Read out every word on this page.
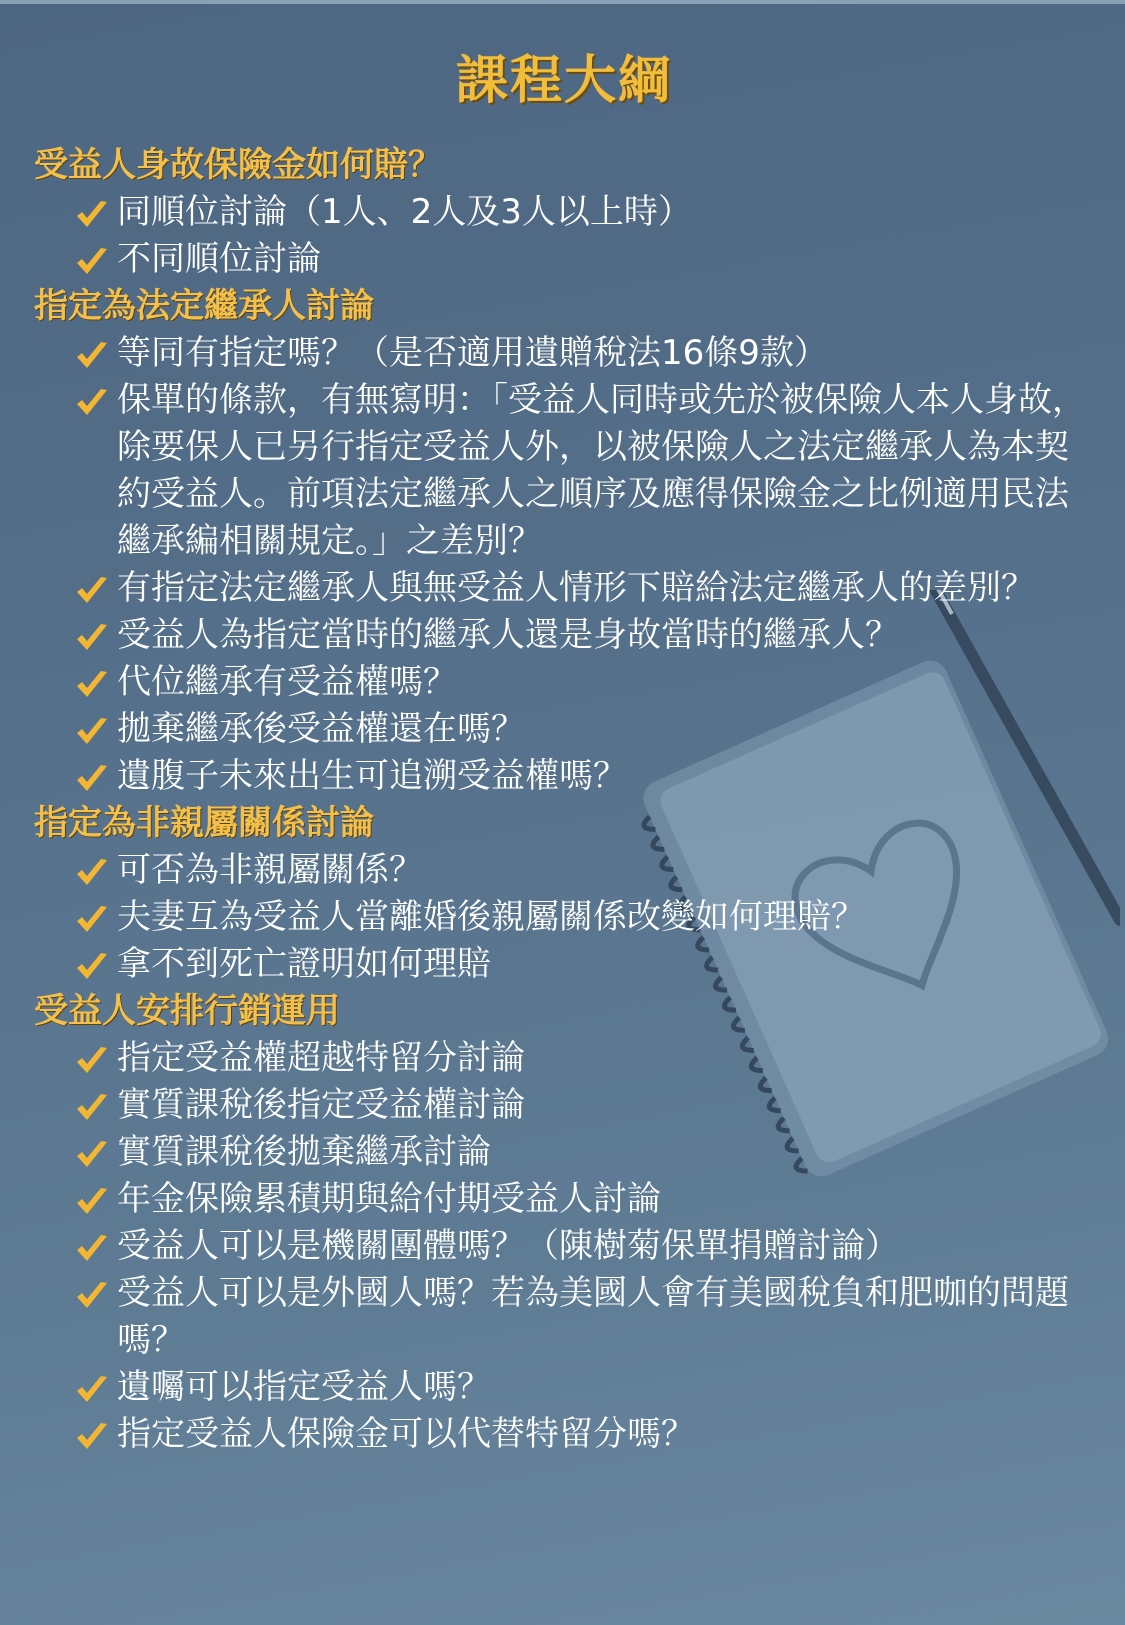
課程大綱
受益人身故保險金如何賠？
同順位討論（1人、2人及3人以上時）
不同順位討論
指定為法定繼承人討論
等同有指定嗎？（是否適用遺贈稅法16條9款）
保單的條款，有無寫明：「受益人同時或先於被保險人本人身故，除要保人已另行指定受益人外，以被保險人之法定繼承人為本契約受益人。前項法定繼承人之順序及應得保險金之比例適用民法繼承編相關規定。」之差別？
有指定法定繼承人與無受益人情形下賠給法定繼承人的差別？
受益人為指定當時的繼承人還是身故當時的繼承人？
代位繼承有受益權嗎？
拋棄繼承後受益權還在嗎？
遺腹子未來出生可追溯受益權嗎？
指定為非親屬關係討論
可否為非親屬關係？
夫妻互為受益人當離婚後親屬關係改變如何理賠？
拿不到死亡證明如何理賠
受益人安排行銷運用
指定受益權超越特留分討論
實質課稅後指定受益權討論
實質課稅後拋棄繼承討論
年金保險累積期與給付期受益人討論
受益人可以是機關團體嗎？（陳樹菊保單捐贈討論）
受益人可以是外國人嗎？若為美國人會有美國稅負和肥咖的問題嗎？
遺囑可以指定受益人嗎？
指定受益人保險金可以代替特留分嗎？
